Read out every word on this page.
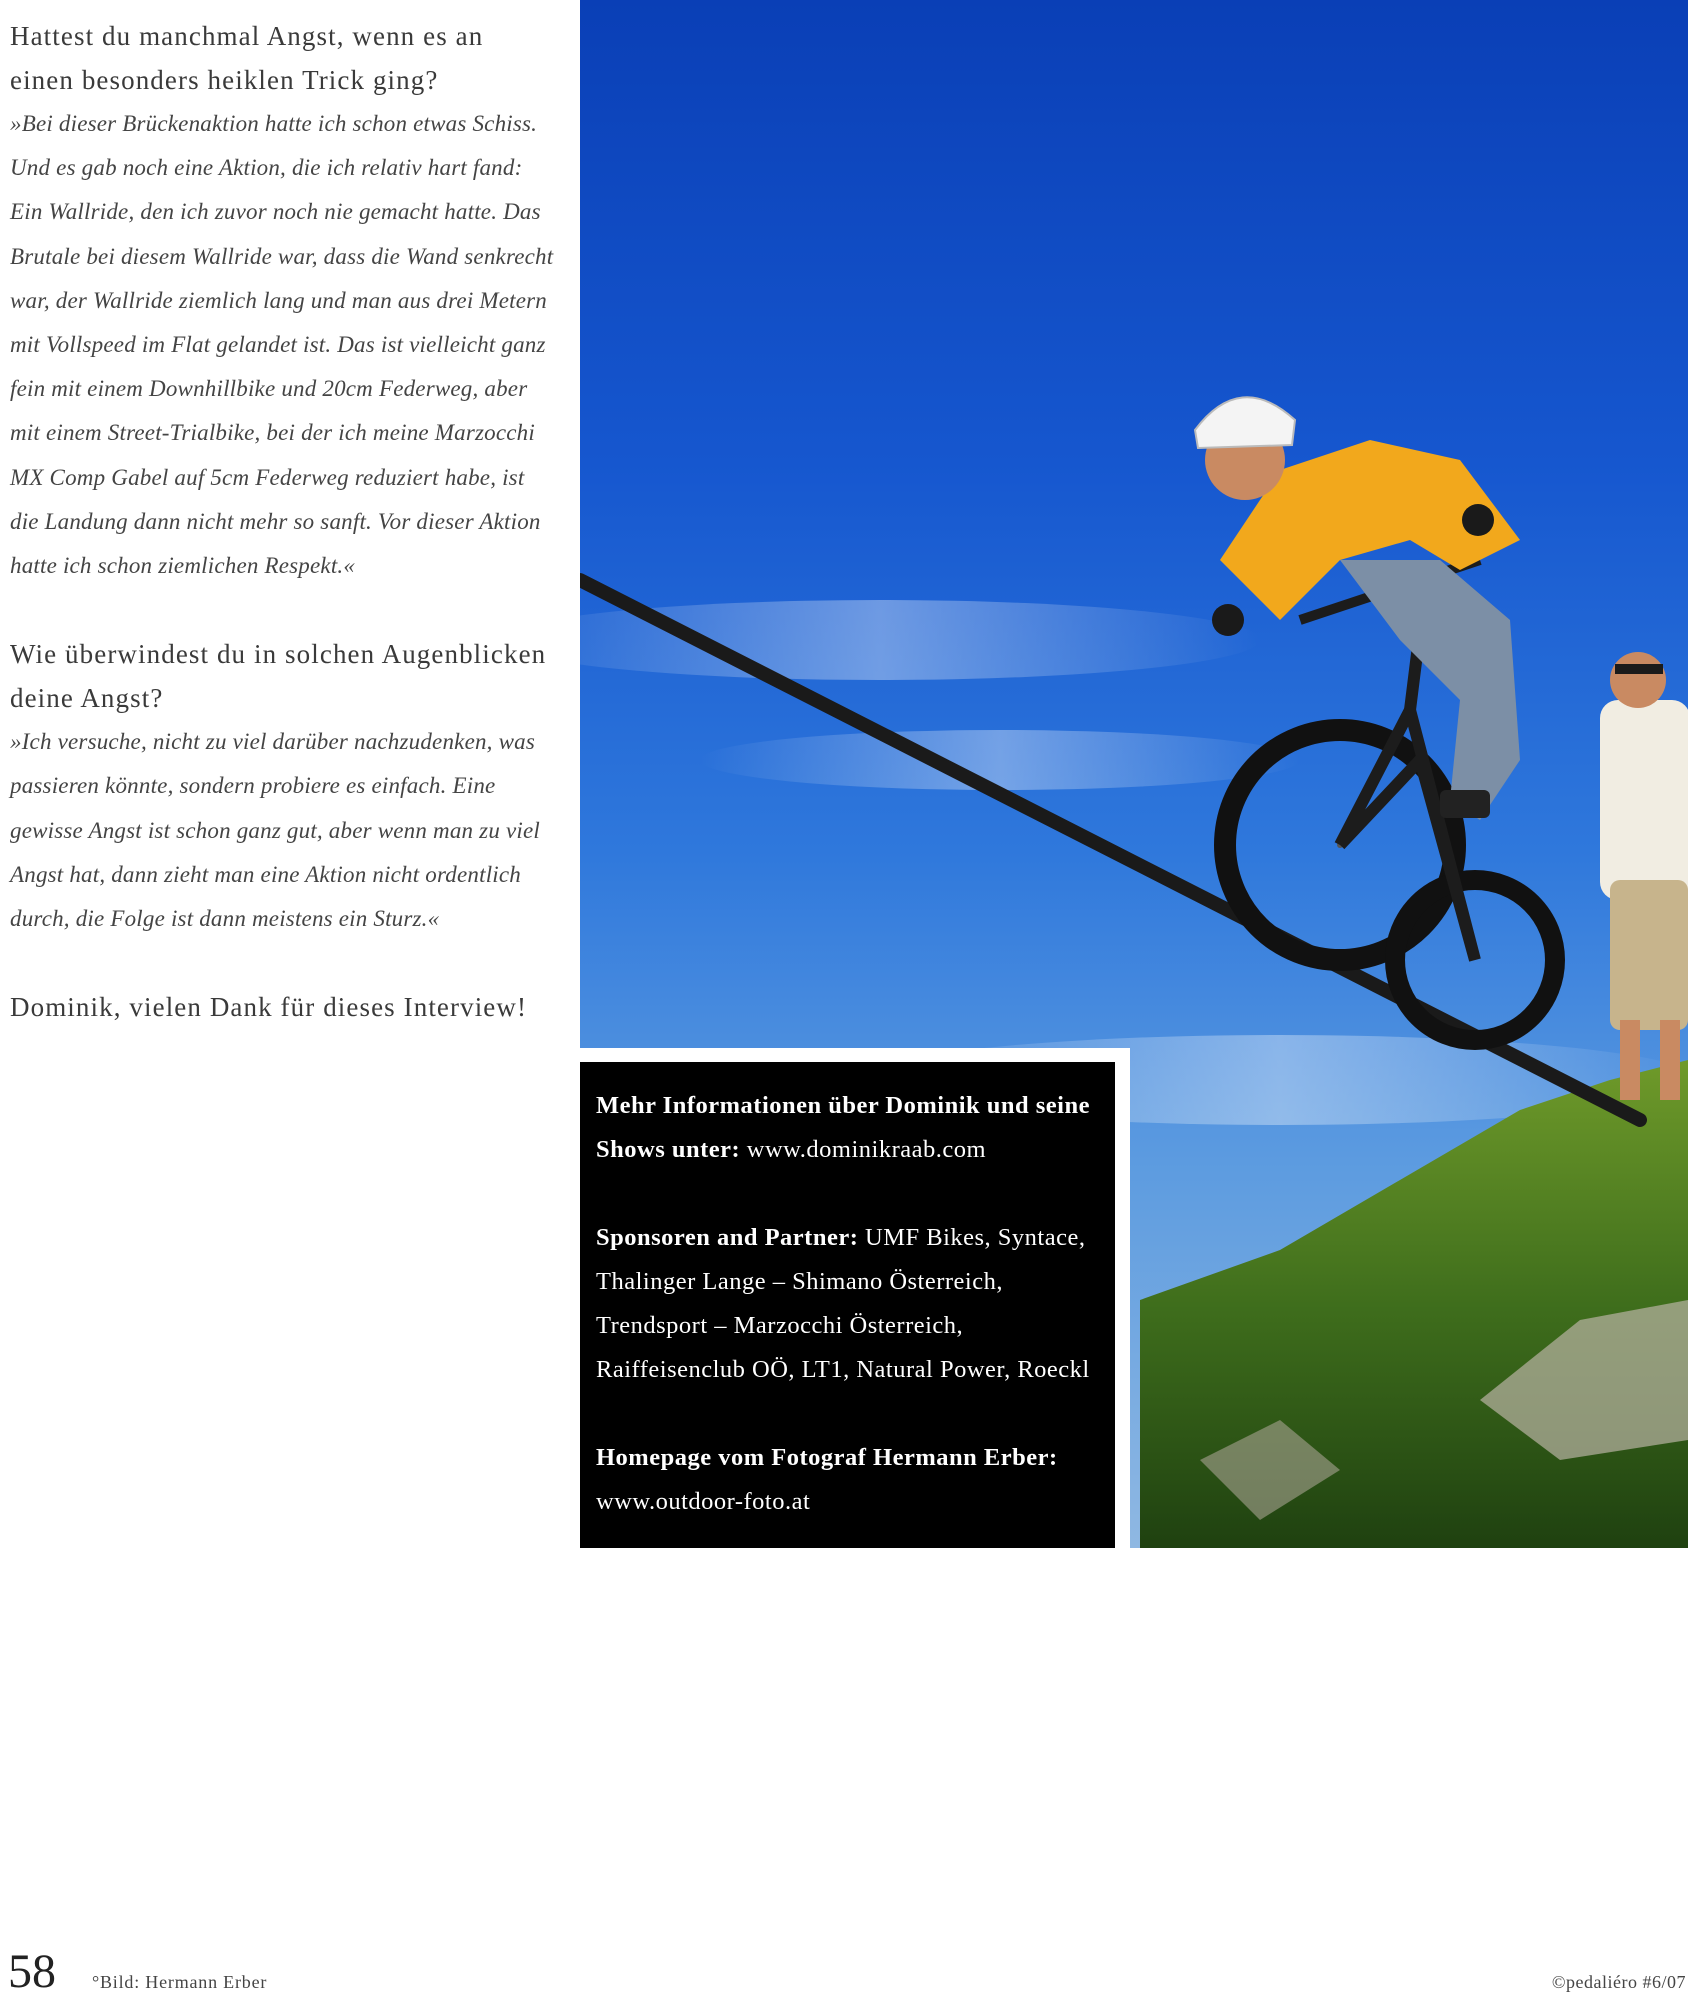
Hattest du manchmal Angst, wenn es an einen besonders heiklen Trick ging?

»Bei dieser Brückenaktion hatte ich schon etwas Schiss. Und es gab noch eine Aktion, die ich relativ hart fand: Ein Wallride, den ich zuvor noch nie gemacht hatte. Das Brutale bei diesem Wallride war, dass die Wand senkrecht war, der Wallride ziemlich lang und man aus drei Metern mit Vollspeed im Flat gelandet ist. Das ist vielleicht ganz fein mit einem Downhillbike und 20cm Federweg, aber mit einem Street-Trialbike, bei der ich meine Marzocchi MX Comp Gabel auf 5cm Federweg reduziert habe, ist die Landung dann nicht mehr so sanft. Vor dieser Aktion hatte ich schon ziemlichen Respekt.«

Wie überwindest du in solchen Augenblicken deine Angst?

»Ich versuche, nicht zu viel darüber nachzudenken, was passieren könnte, sondern probiere es einfach. Eine gewisse Angst ist schon ganz gut, aber wenn man zu viel Angst hat, dann zieht man eine Aktion nicht ordentlich durch, die Folge ist dann meistens ein Sturz.«

Dominik, vielen Dank für dieses Interview!

Mehr Informationen über Dominik und seine Shows unter: www.dominikraab.com

Sponsoren and Partner: UMF Bikes, Syntace, Thalinger Lange – Shimano Österreich, Trendsport – Marzocchi Österreich, Raiffeisenclub OÖ, LT1, Natural Power, Roeckl

Homepage vom Fotograf Hermann Erber:
www.outdoor-foto.at

58 °Bild: Hermann Erber	©pedaliéro #6/07
